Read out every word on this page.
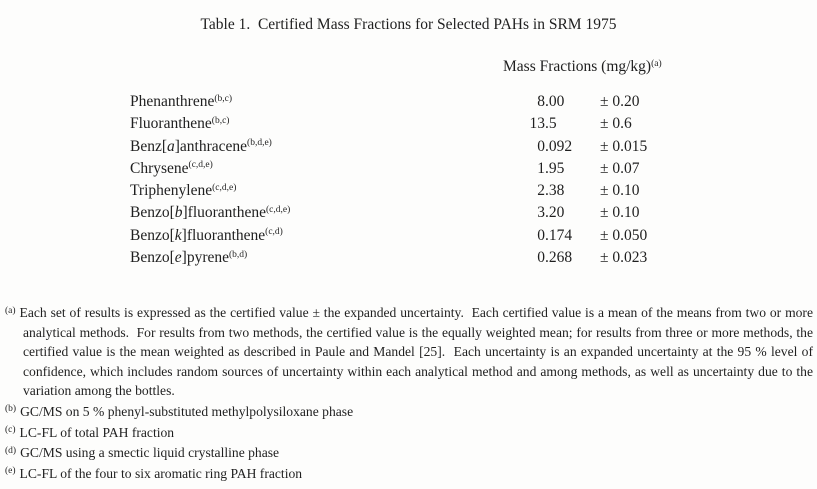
Table 1.  Certified Mass Fractions for Selected PAHs in SRM 1975
Mass Fractions (mg/kg)$^{(a)}$
Phenanthrene$^{(b,c)}$	8 .00	± 0.20
Fluoranthene$^{(b,c)}$	13 .5	± 0.6
Benz[a]anthracene$^{(b,d,e)}$	0 .092	± 0.015
Chrysene$^{(c,d,e)}$	1 .95	± 0.07
Triphenylene$^{(c,d,e)}$	2 .38	± 0.10
Benzo[b]fluoranthene$^{(c,d,e)}$	3 .20	± 0.10
Benzo[k]fluoranthene$^{(c,d)}$	0 .174	± 0.050
Benzo[e]pyrene$^{(b,d)}$	0 .268	± 0.023
$^{(a)}$ Each set of results is expressed as the certified value ± the expanded uncertainty.  Each certified value is a mean of the means from two or more analytical methods.  For results from two methods, the certified value is the equally weighted mean; for results from three or more methods, the certified value is the mean weighted as described in Paule and Mandel [25].  Each uncertainty is an expanded uncertainty at the 95 % level of confidence, which includes random sources of uncertainty within each analytical method and among methods, as well as uncertainty due to the variation among the bottles.
$^{(b)}$ GC/MS on 5 % phenyl-substituted methylpolysiloxane phase
$^{(c)}$ LC-FL of total PAH fraction
$^{(d)}$ GC/MS using a smectic liquid crystalline phase
$^{(e)}$ LC-FL of the four to six aromatic ring PAH fraction
